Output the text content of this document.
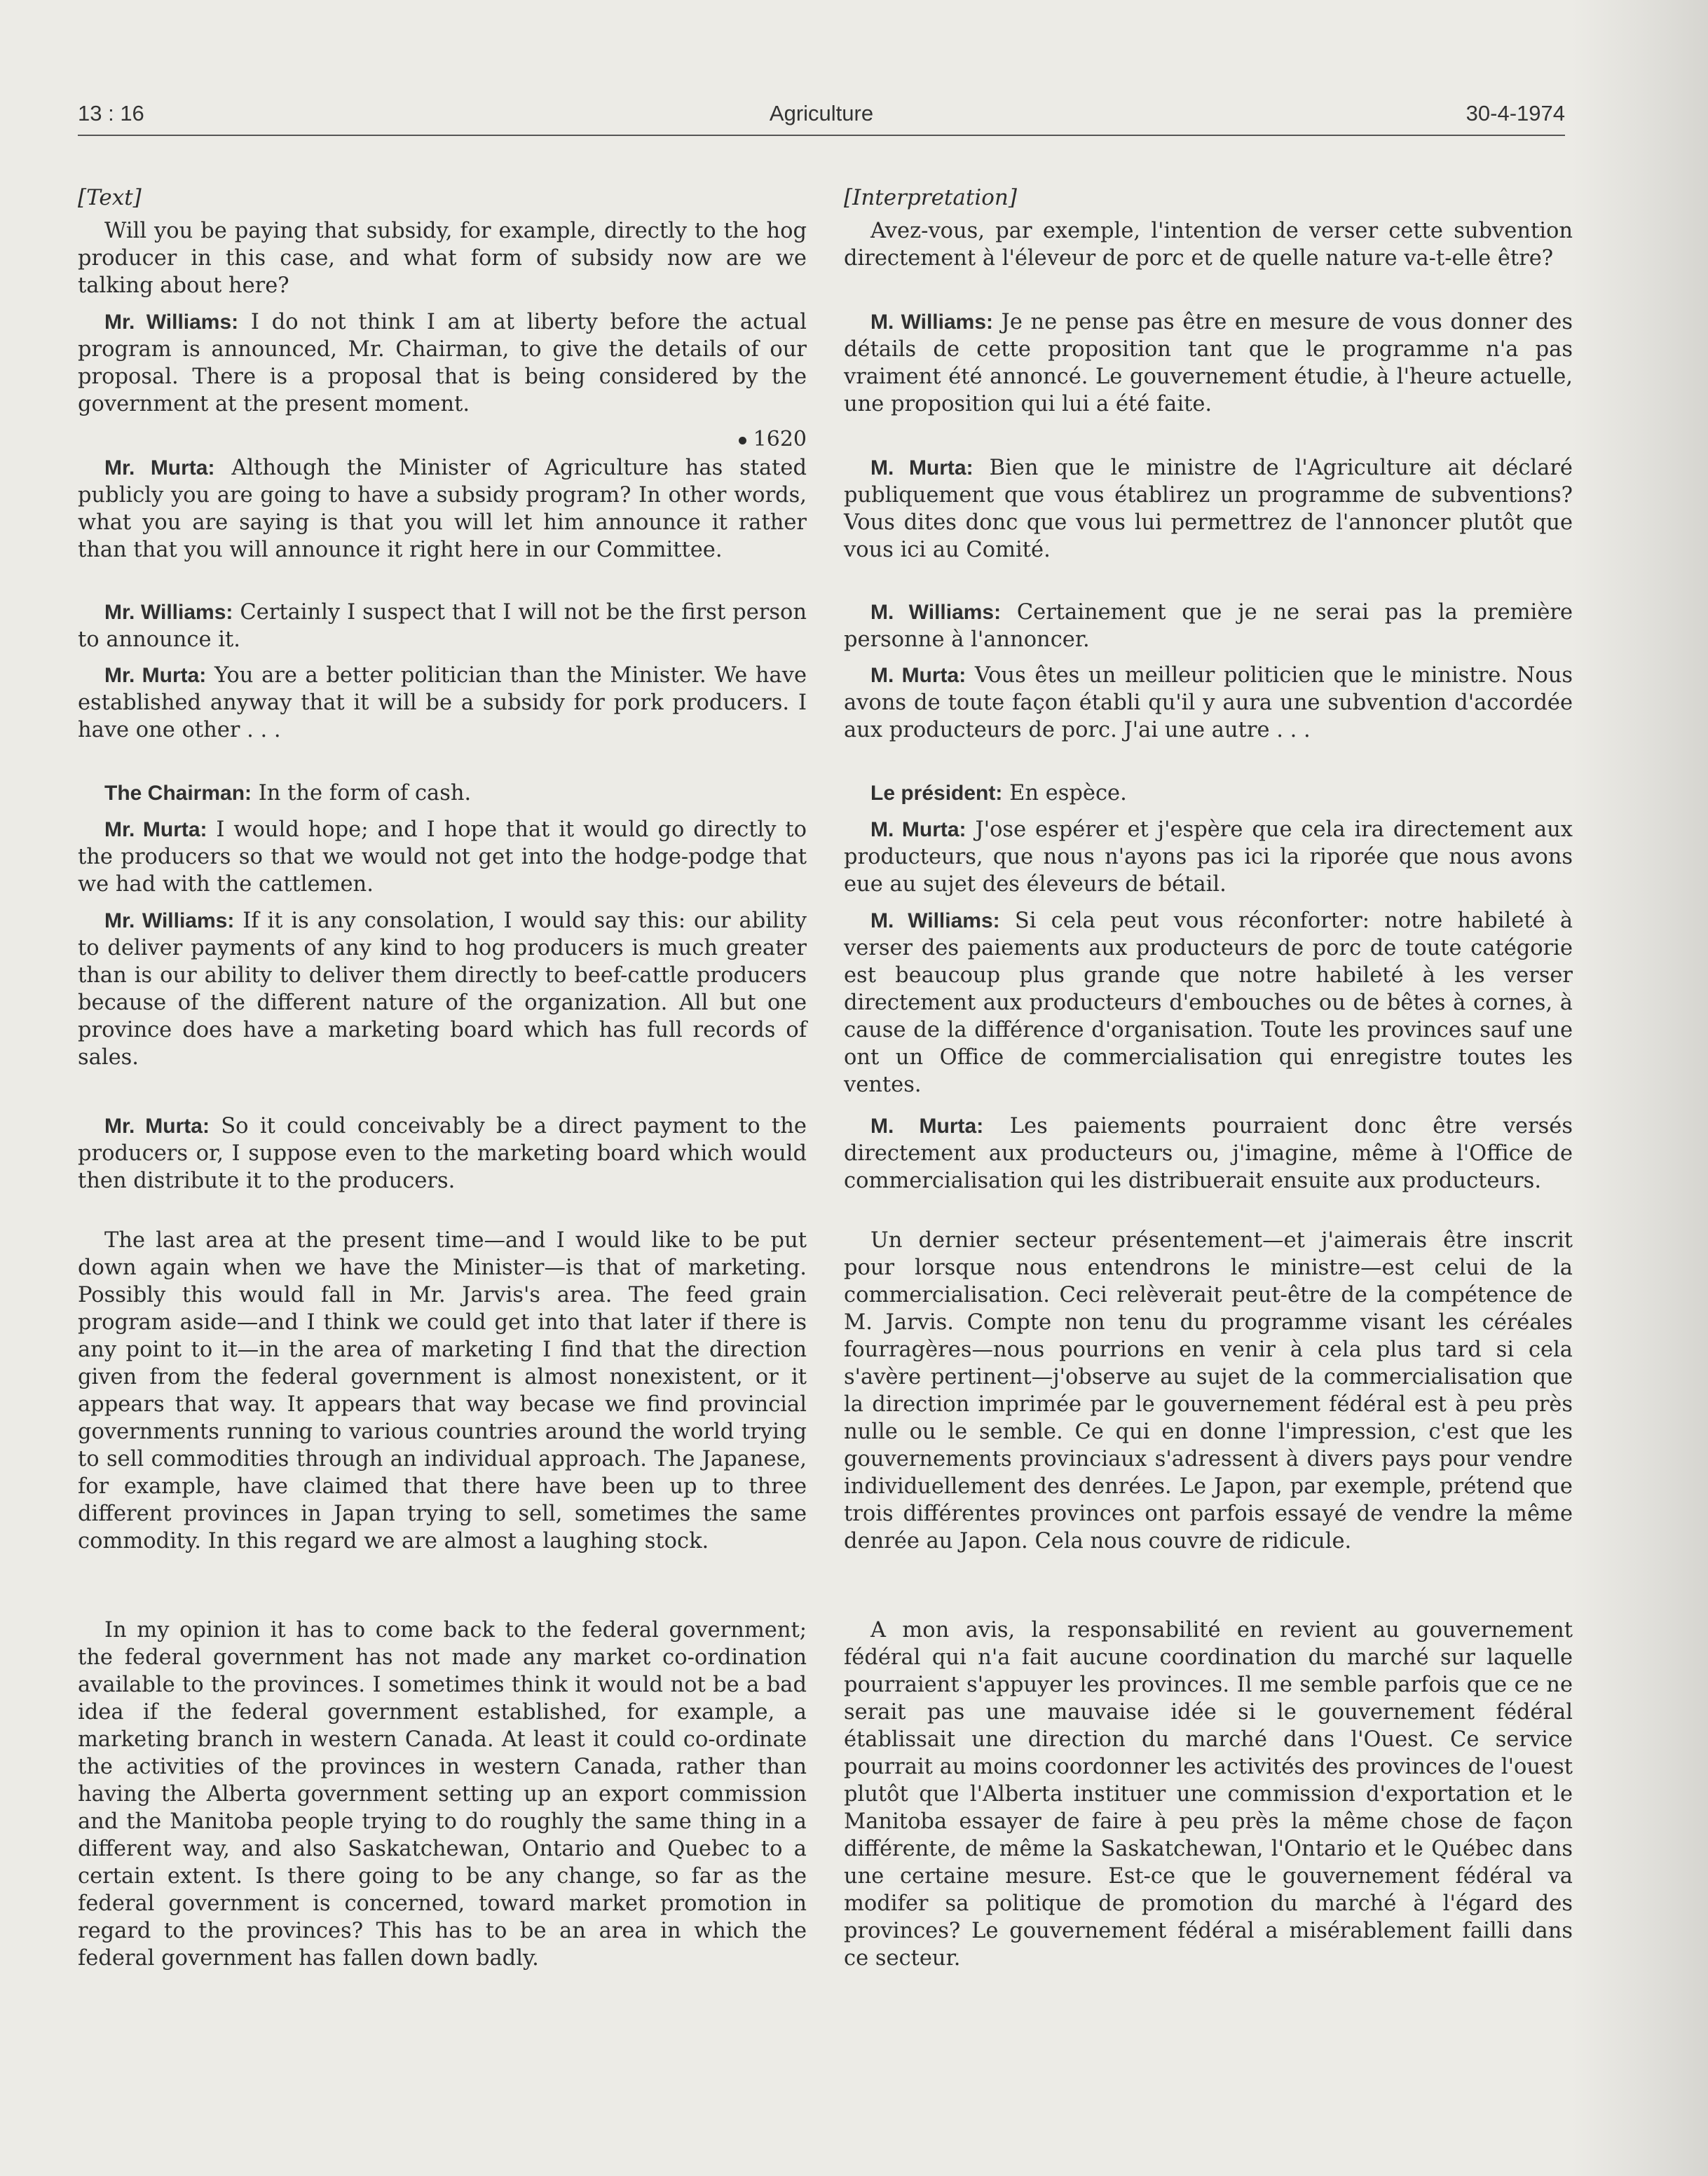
13 : 16	Agriculture	30-4-1974
[Text]

Will you be paying that subsidy, for example, directly to the hog producer in this case, and what form of subsidy now are we talking about here?

Mr. Williams: I do not think I am at liberty before the actual program is announced, Mr. Chairman, to give the details of our proposal. There is a proposal that is being considered by the government at the present moment.

1620

Mr. Murta: Although the Minister of Agriculture has stated publicly you are going to have a subsidy program? In other words, what you are saying is that you will let him announce it rather than that you will announce it right here in our Committee.

Mr. Williams: Certainly I suspect that I will not be the first person to announce it.

Mr. Murta: You are a better politician than the Minister. We have established anyway that it will be a subsidy for pork producers. I have one other . . .

The Chairman: In the form of cash.

Mr. Murta: I would hope; and I hope that it would go directly to the producers so that we would not get into the hodge-podge that we had with the cattlemen.

Mr. Williams: If it is any consolation, I would say this: our ability to deliver payments of any kind to hog producers is much greater than is our ability to deliver them directly to beef-cattle producers because of the different nature of the organization. All but one province does have a marketing board which has full records of sales.

Mr. Murta: So it could conceivably be a direct payment to the producers or, I suppose even to the marketing board which would then distribute it to the producers.

The last area at the present time—and I would like to be put down again when we have the Minister—is that of marketing. Possibly this would fall in Mr. Jarvis's area. The feed grain program aside—and I think we could get into that later if there is any point to it—in the area of marketing I find that the direction given from the federal government is almost nonexistent, or it appears that way. It appears that way becase we find provincial governments running to various countries around the world trying to sell commodities through an individual approach. The Japanese, for example, have claimed that there have been up to three different provinces in Japan trying to sell, sometimes the same commodity. In this regard we are almost a laughing stock.

In my opinion it has to come back to the federal government; the federal government has not made any market co-ordination available to the provinces. I sometimes think it would not be a bad idea if the federal government established, for example, a marketing branch in western Canada. At least it could co-ordinate the activities of the provinces in western Canada, rather than having the Alberta government setting up an export commission and the Manitoba people trying to do roughly the same thing in a different way, and also Saskatchewan, Ontario and Quebec to a certain extent. Is there going to be any change, so far as the federal government is concerned, toward market promotion in regard to the provinces? This has to be an area in which the federal government has fallen down badly.

[Interpretation]

Avez-vous, par exemple, l'intention de verser cette subvention directement à l'éleveur de porc et de quelle nature va-t-elle être?

M. Williams: Je ne pense pas être en mesure de vous donner des détails de cette proposition tant que le programme n'a pas vraiment été annoncé. Le gouvernement étudie, à l'heure actuelle, une proposition qui lui a été faite.

M. Murta: Bien que le ministre de l'Agriculture ait déclaré publiquement que vous établirez un programme de subventions? Vous dites donc que vous lui permettrez de l'annoncer plutôt que vous ici au Comité.

M. Williams: Certainement que je ne serai pas la première personne à l'annoncer.

M. Murta: Vous êtes un meilleur politicien que le ministre. Nous avons de toute façon établi qu'il y aura une subvention d'accordée aux producteurs de porc. J'ai une autre . . .

Le président: En espèce.

M. Murta: J'ose espérer et j'espère que cela ira directement aux producteurs, que nous n'ayons pas ici la riporée que nous avons eue au sujet des éleveurs de bétail.

M. Williams: Si cela peut vous réconforter: notre habileté à verser des paiements aux producteurs de porc de toute catégorie est beaucoup plus grande que notre habileté à les verser directement aux producteurs d'embouches ou de bêtes à cornes, à cause de la différence d'organisation. Toute les provinces sauf une ont un Office de commercialisation qui enregistre toutes les ventes.

M. Murta: Les paiements pourraient donc être versés directement aux producteurs ou, j'imagine, même à l'Office de commercialisation qui les distribuerait ensuite aux producteurs.

Un dernier secteur présentement—et j'aimerais être inscrit pour lorsque nous entendrons le ministre—est celui de la commercialisation. Ceci relèverait peut-être de la compétence de M. Jarvis. Compte non tenu du programme visant les céréales fourragères—nous pourrions en venir à cela plus tard si cela s'avère pertinent—j'observe au sujet de la commercialisation que la direction imprimée par le gouvernement fédéral est à peu près nulle ou le semble. Ce qui en donne l'impression, c'est que les gouvernements provinciaux s'adressent à divers pays pour vendre individuellement des denrées. Le Japon, par exemple, prétend que trois différentes provinces ont parfois essayé de vendre la même denrée au Japon. Cela nous couvre de ridicule.

A mon avis, la responsabilité en revient au gouvernement fédéral qui n'a fait aucune coordination du marché sur laquelle pourraient s'appuyer les provinces. Il me semble parfois que ce ne serait pas une mauvaise idée si le gouvernement fédéral établissait une direction du marché dans l'Ouest. Ce service pourrait au moins coordonner les activités des provinces de l'ouest plutôt que l'Alberta instituer une commission d'exportation et le Manitoba essayer de faire à peu près la même chose de façon différente, de même la Saskatchewan, l'Ontario et le Québec dans une certaine mesure. Est-ce que le gouvernement fédéral va modifer sa politique de promotion du marché à l'égard des provinces? Le gouvernement fédéral a misérablement failli dans ce secteur.
